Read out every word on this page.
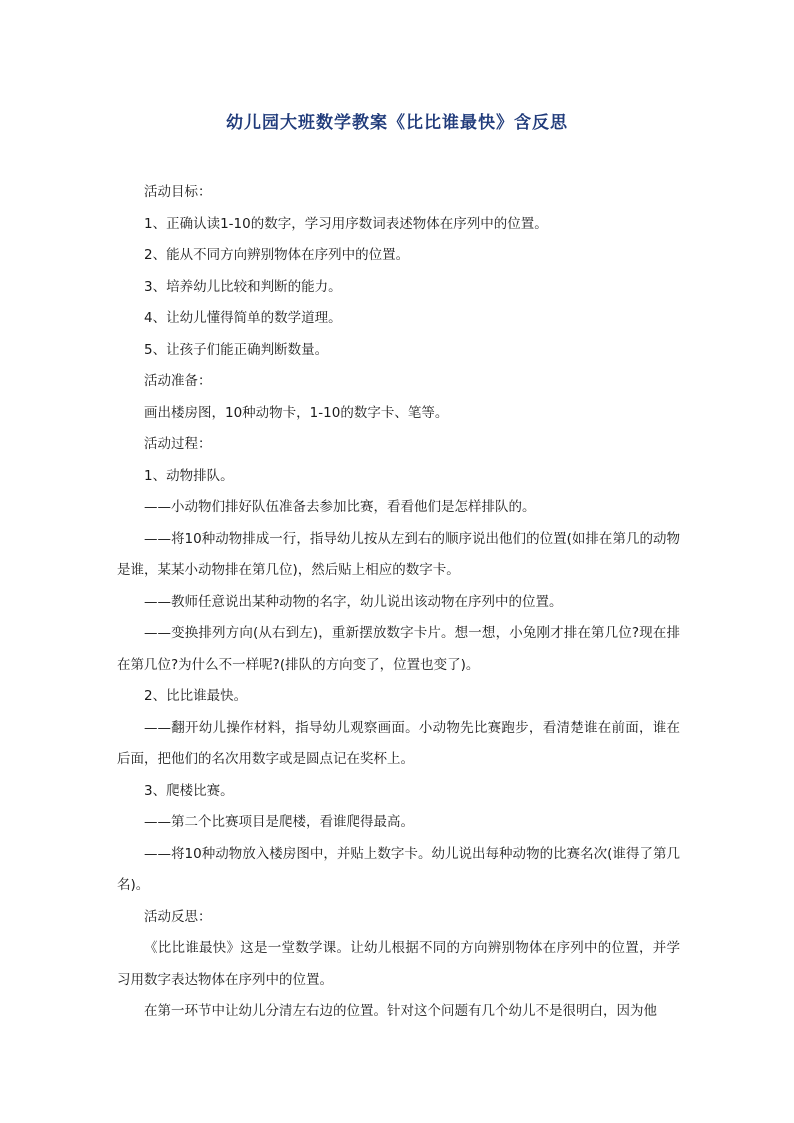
幼儿园大班数学教案《比比谁最快》含反思

活动目标：

1、正确认读1-10的数字，学习用序数词表述物体在序列中的位置。

2、能从不同方向辨别物体在序列中的位置。

3、培养幼儿比较和判断的能力。

4、让幼儿懂得简单的数学道理。

5、让孩子们能正确判断数量。

活动准备：

画出楼房图，10种动物卡，1-10的数字卡、笔等。

活动过程：

1、动物排队。

——小动物们排好队伍准备去参加比赛，看看他们是怎样排队的。

——将10种动物排成一行，指导幼儿按从左到右的顺序说出他们的位置(如排在第几的动物是谁，某某小动物排在第几位)，然后贴上相应的数字卡。

——教师任意说出某种动物的名字，幼儿说出该动物在序列中的位置。

——变换排列方向(从右到左)，重新摆放数字卡片。想一想，小兔刚才排在第几位?现在排在第几位?为什么不一样呢?(排队的方向变了，位置也变了)。

2、比比谁最快。

——翻开幼儿操作材料，指导幼儿观察画面。小动物先比赛跑步，看清楚谁在前面，谁在后面，把他们的名次用数字或是圆点记在奖杯上。

3、爬楼比赛。

——第二个比赛项目是爬楼，看谁爬得最高。

——将10种动物放入楼房图中，并贴上数字卡。幼儿说出每种动物的比赛名次(谁得了第几名)。

活动反思：

《比比谁最快》这是一堂数学课。让幼儿根据不同的方向辨别物体在序列中的位置，并学习用数字表达物体在序列中的位置。

在第一环节中让幼儿分清左右边的位置。针对这个问题有几个幼儿不是很明白，因为他
